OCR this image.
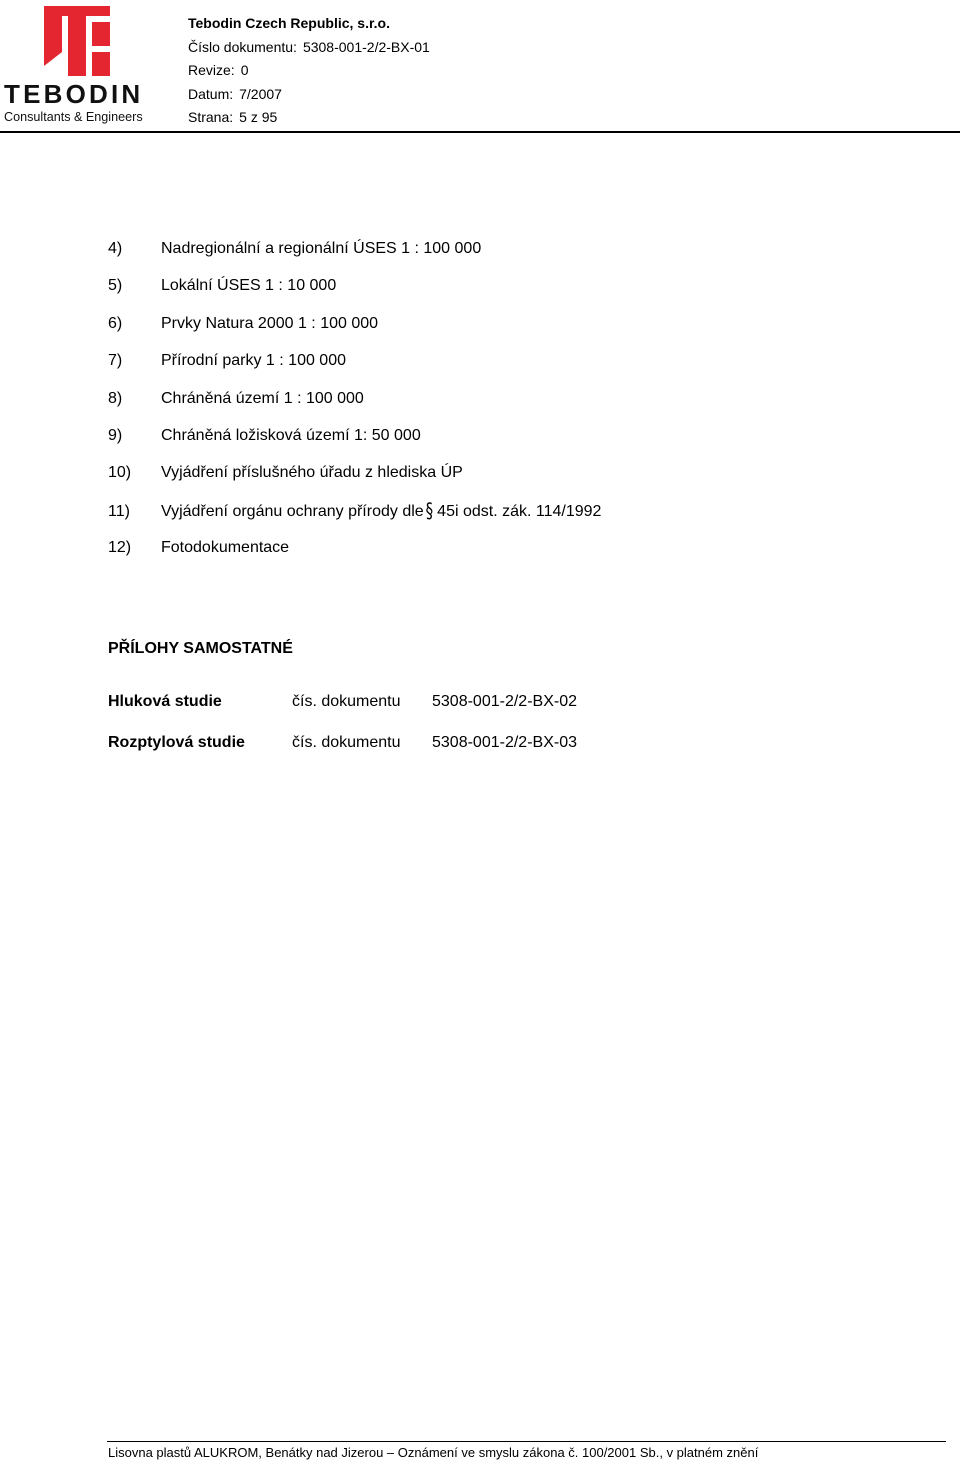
TEBODIN
Consultants & Engineers
Tebodin Czech Republic, s.r.o.
Číslo dokumentu: 5308-001-2/2-BX-01
Revize: 0
Datum: 7/2007
Strana: 5 z 95
4) Nadregionální a regionální ÚSES 1 : 100 000
5) Lokální ÚSES 1 : 10 000
6) Prvky Natura 2000 1 : 100 000
7) Přírodní parky 1 : 100 000
8) Chráněná území 1 : 100 000
9) Chráněná ložisková území 1: 50 000
10) Vyjádření příslušného úřadu z hlediska ÚP
11) Vyjádření orgánu ochrany přírody dle § 45i odst. zák. 114/1992
12) Fotodokumentace
PŘÍLOHY SAMOSTATNÉ
Hluková studie	čís. dokumentu 5308-001-2/2-BX-02
Rozptylová studie	čís. dokumentu 5308-001-2/2-BX-03
Lisovna plastů ALUKROM, Benátky nad Jizerou – Oznámení ve smyslu zákona č. 100/2001 Sb., v platném znění
